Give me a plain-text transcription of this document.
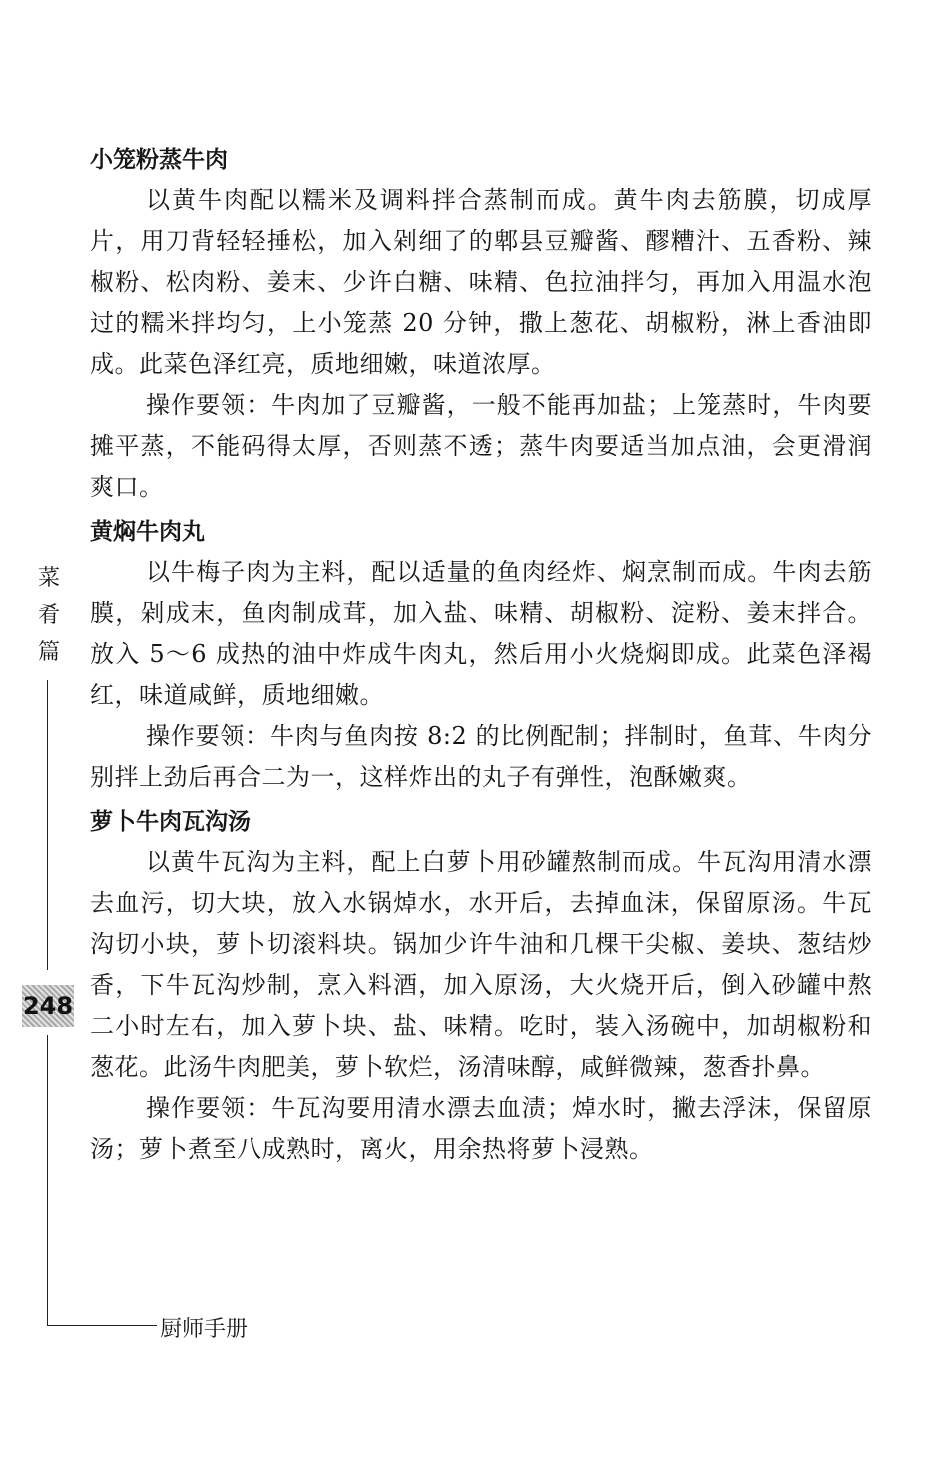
菜
肴
篇
248
厨师手册
小笼粉蒸牛肉

以黄牛肉配以糯米及调料拌合蒸制而成。黄牛肉去筋膜，切成厚片，用刀背轻轻捶松，加入剁细了的郫县豆瓣酱、醪糟汁、五香粉、辣椒粉、松肉粉、姜末、少许白糖、味精、色拉油拌匀，再加入用温水泡过的糯米拌均匀，上小笼蒸 20 分钟，撒上葱花、胡椒粉，淋上香油即成。此菜色泽红亮，质地细嫩，味道浓厚。

操作要领：牛肉加了豆瓣酱，一般不能再加盐；上笼蒸时，牛肉要摊平蒸，不能码得太厚，否则蒸不透；蒸牛肉要适当加点油，会更滑润爽口。

黄焖牛肉丸

以牛梅子肉为主料，配以适量的鱼肉经炸、焖烹制而成。牛肉去筋膜，剁成末，鱼肉制成茸，加入盐、味精、胡椒粉、淀粉、姜末拌合。放入 5～6 成热的油中炸成牛肉丸，然后用小火烧焖即成。此菜色泽褐红，味道咸鲜，质地细嫩。

操作要领：牛肉与鱼肉按 8:2 的比例配制；拌制时，鱼茸、牛肉分别拌上劲后再合二为一，这样炸出的丸子有弹性，泡酥嫩爽。

萝卜牛肉瓦沟汤

以黄牛瓦沟为主料，配上白萝卜用砂罐熬制而成。牛瓦沟用清水漂去血污，切大块，放入水锅焯水，水开后，去掉血沫，保留原汤。牛瓦沟切小块，萝卜切滚料块。锅加少许牛油和几棵干尖椒、姜块、葱结炒香，下牛瓦沟炒制，烹入料酒，加入原汤，大火烧开后，倒入砂罐中熬二小时左右，加入萝卜块、盐、味精。吃时，装入汤碗中，加胡椒粉和葱花。此汤牛肉肥美，萝卜软烂，汤清味醇，咸鲜微辣，葱香扑鼻。

操作要领：牛瓦沟要用清水漂去血渍；焯水时，撇去浮沫，保留原汤；萝卜煮至八成熟时，离火，用余热将萝卜浸熟。
